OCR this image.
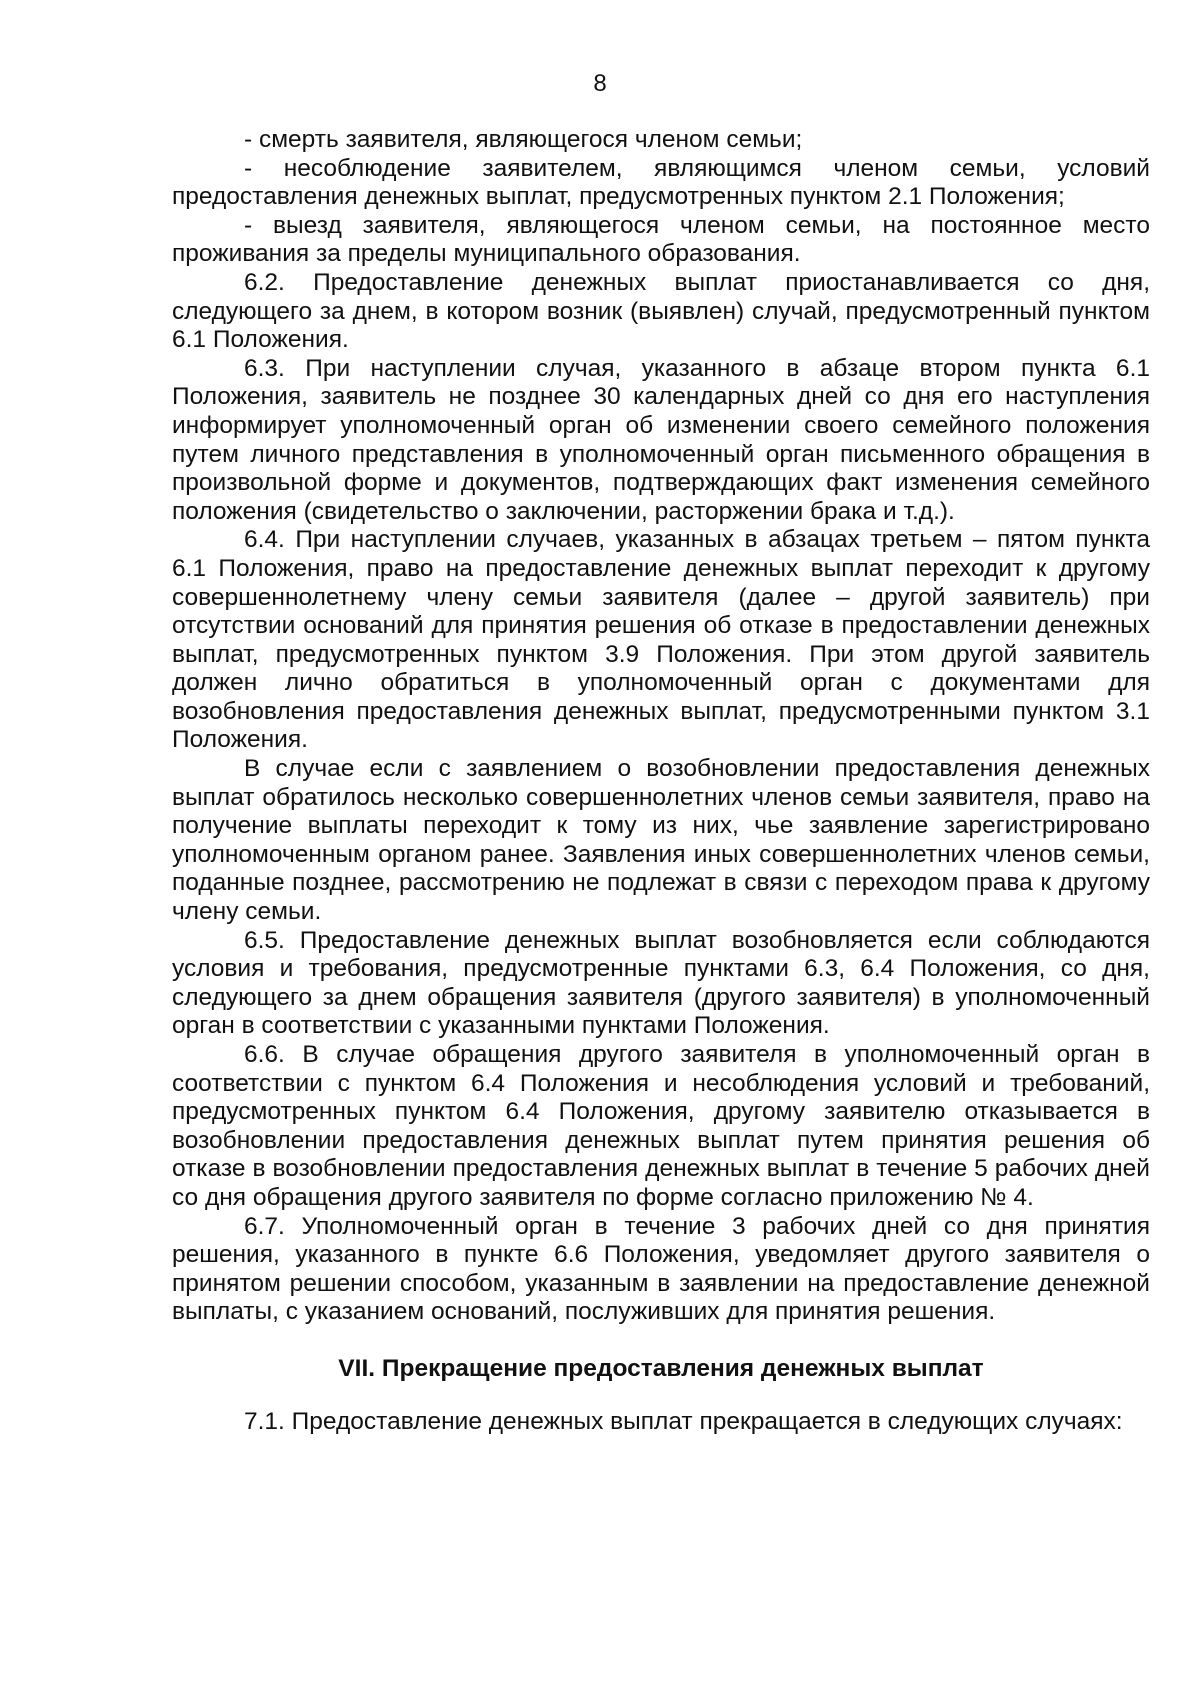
8

- смерть заявителя, являющегося членом семьи;

- несоблюдение заявителем, являющимся членом семьи, условий предоставления денежных выплат, предусмотренных пунктом 2.1 Положения;

- выезд заявителя, являющегося членом семьи, на постоянное место проживания за пределы муниципального образования.

6.2. Предоставление денежных выплат приостанавливается со дня, следующего за днем, в котором возник (выявлен) случай, предусмотренный пунктом 6.1 Положения.

6.3. При наступлении случая, указанного в абзаце втором пункта 6.1 Положения, заявитель не позднее 30 календарных дней со дня его наступления информирует уполномоченный орган об изменении своего семейного положения путем личного представления в уполномоченный орган письменного обращения в произвольной форме и документов, подтверждающих факт изменения семейного положения (свидетельство о заключении, расторжении брака и т.д.).

6.4. При наступлении случаев, указанных в абзацах третьем – пятом пункта 6.1 Положения, право на предоставление денежных выплат переходит к другому совершеннолетнему члену семьи заявителя (далее – другой заявитель) при отсутствии оснований для принятия решения об отказе в предоставлении денежных выплат, предусмотренных пунктом 3.9 Положения. При этом другой заявитель должен лично обратиться в уполномоченный орган с документами для возобновления предоставления денежных выплат, предусмотренными пунктом 3.1 Положения.

В случае если с заявлением о возобновлении предоставления денежных выплат обратилось несколько совершеннолетних членов семьи заявителя, право на получение выплаты переходит к тому из них, чье заявление зарегистрировано уполномоченным органом ранее. Заявления иных совершеннолетних членов семьи, поданные позднее, рассмотрению не подлежат в связи с переходом права к другому члену семьи.

6.5. Предоставление денежных выплат возобновляется если соблюдаются условия и требования, предусмотренные пунктами 6.3, 6.4 Положения, со дня, следующего за днем обращения заявителя (другого заявителя) в уполномоченный орган в соответствии с указанными пунктами Положения.

6.6. В случае обращения другого заявителя в уполномоченный орган в соответствии с пунктом 6.4 Положения и несоблюдения условий и требований, предусмотренных пунктом 6.4 Положения, другому заявителю отказывается в возобновлении предоставления денежных выплат путем принятия решения об отказе в возобновлении предоставления денежных выплат в течение 5 рабочих дней со дня обращения другого заявителя по форме согласно приложению № 4.

6.7. Уполномоченный орган в течение 3 рабочих дней со дня принятия решения, указанного в пункте 6.6 Положения, уведомляет другого заявителя о принятом решении способом, указанным в заявлении на предоставление денежной выплаты, с указанием оснований, послуживших для принятия решения.

VII. Прекращение предоставления денежных выплат

7.1. Предоставление денежных выплат прекращается в следующих случаях:
